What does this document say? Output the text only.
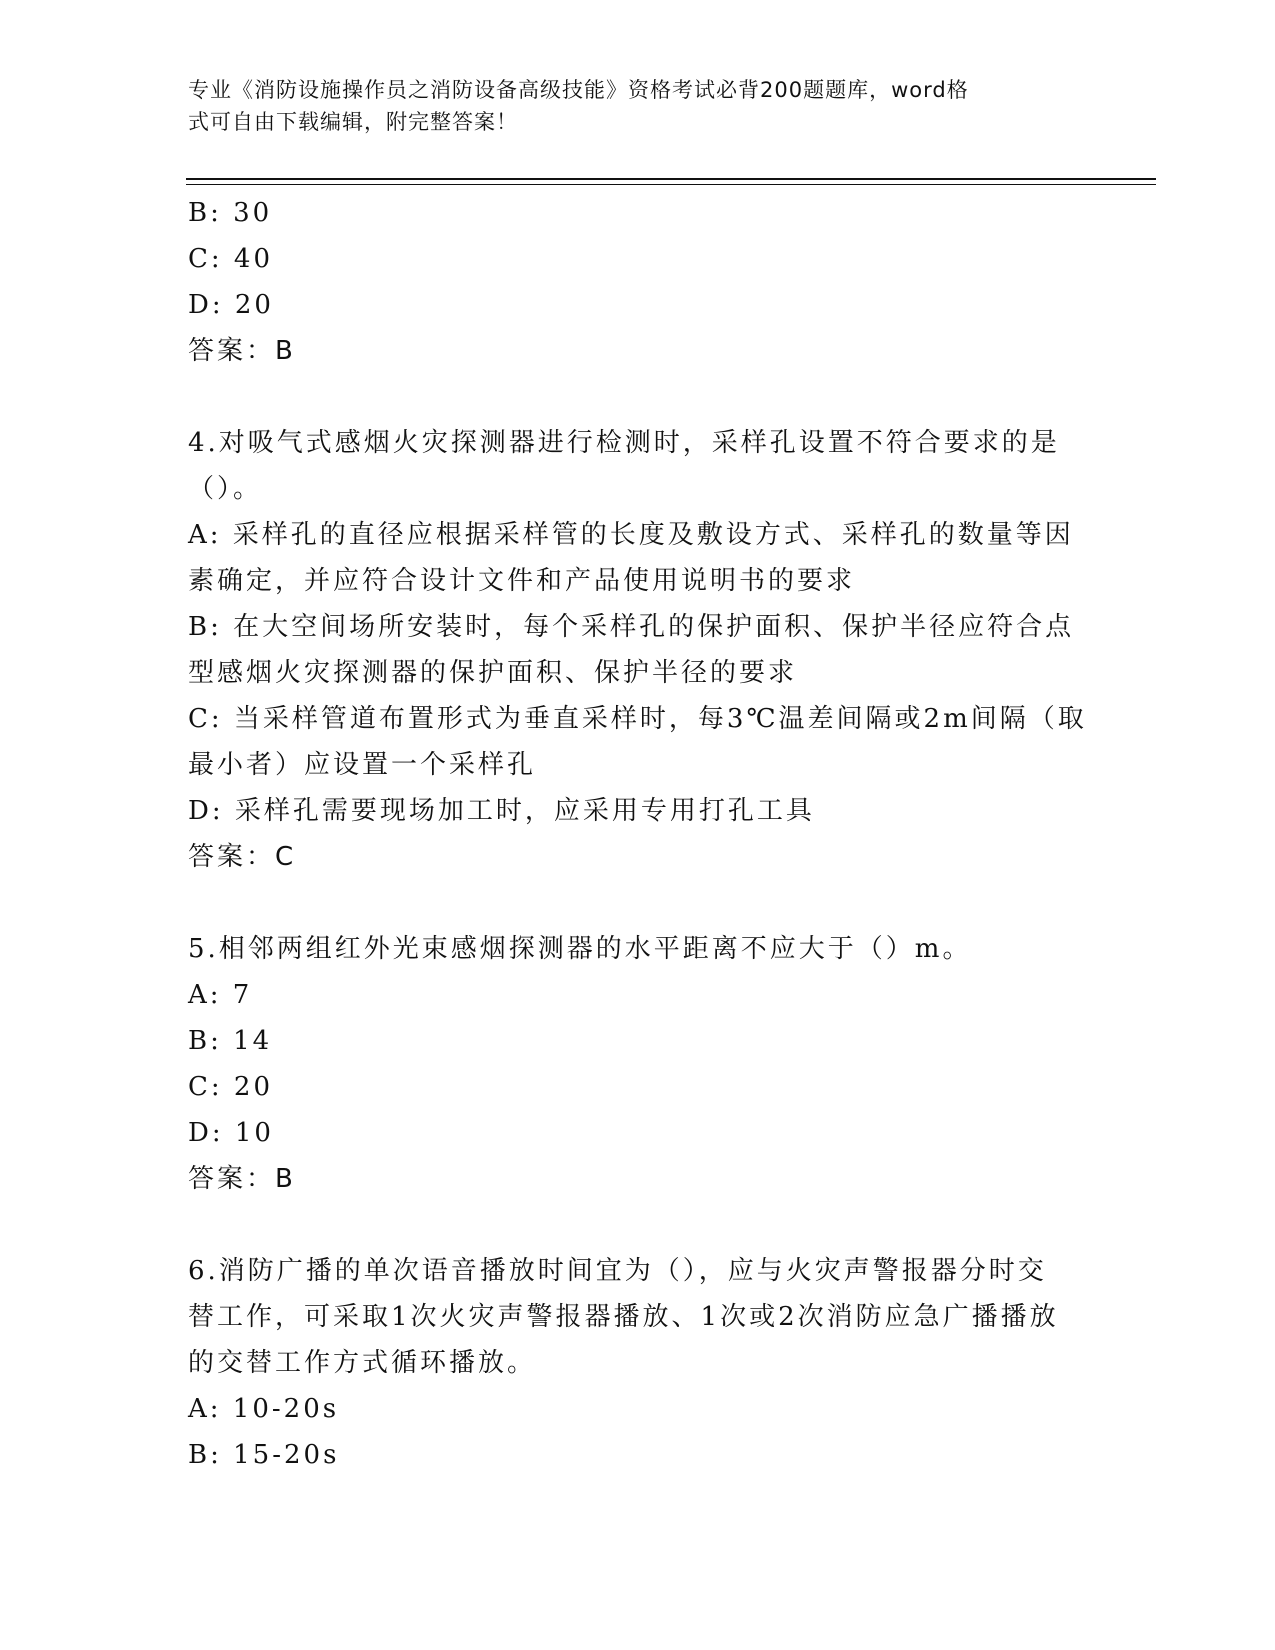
专业《消防设施操作员之消防设备高级技能》资格考试必背200题题库，word格
式可自由下载编辑，附完整答案！
B: 30
C: 40
D: 20
答案：B
4.对吸气式感烟火灾探测器进行检测时，采样孔设置不符合要求的是
（）。
A: 采样孔的直径应根据采样管的长度及敷设方式、采样孔的数量等因
素确定，并应符合设计文件和产品使用说明书的要求
B: 在大空间场所安装时，每个采样孔的保护面积、保护半径应符合点
型感烟火灾探测器的保护面积、保护半径的要求
C: 当采样管道布置形式为垂直采样时，每3℃温差间隔或2m间隔（取
最小者）应设置一个采样孔
D: 采样孔需要现场加工时，应采用专用打孔工具
答案：C
5.相邻两组红外光束感烟探测器的水平距离不应大于（）m。
A: 7
B: 14
C: 20
D: 10
答案：B
6.消防广播的单次语音播放时间宜为（），应与火灾声警报器分时交
替工作，可采取1次火灾声警报器播放、1次或2次消防应急广播播放
的交替工作方式循环播放。
A: 10-20s
B: 15-20s
